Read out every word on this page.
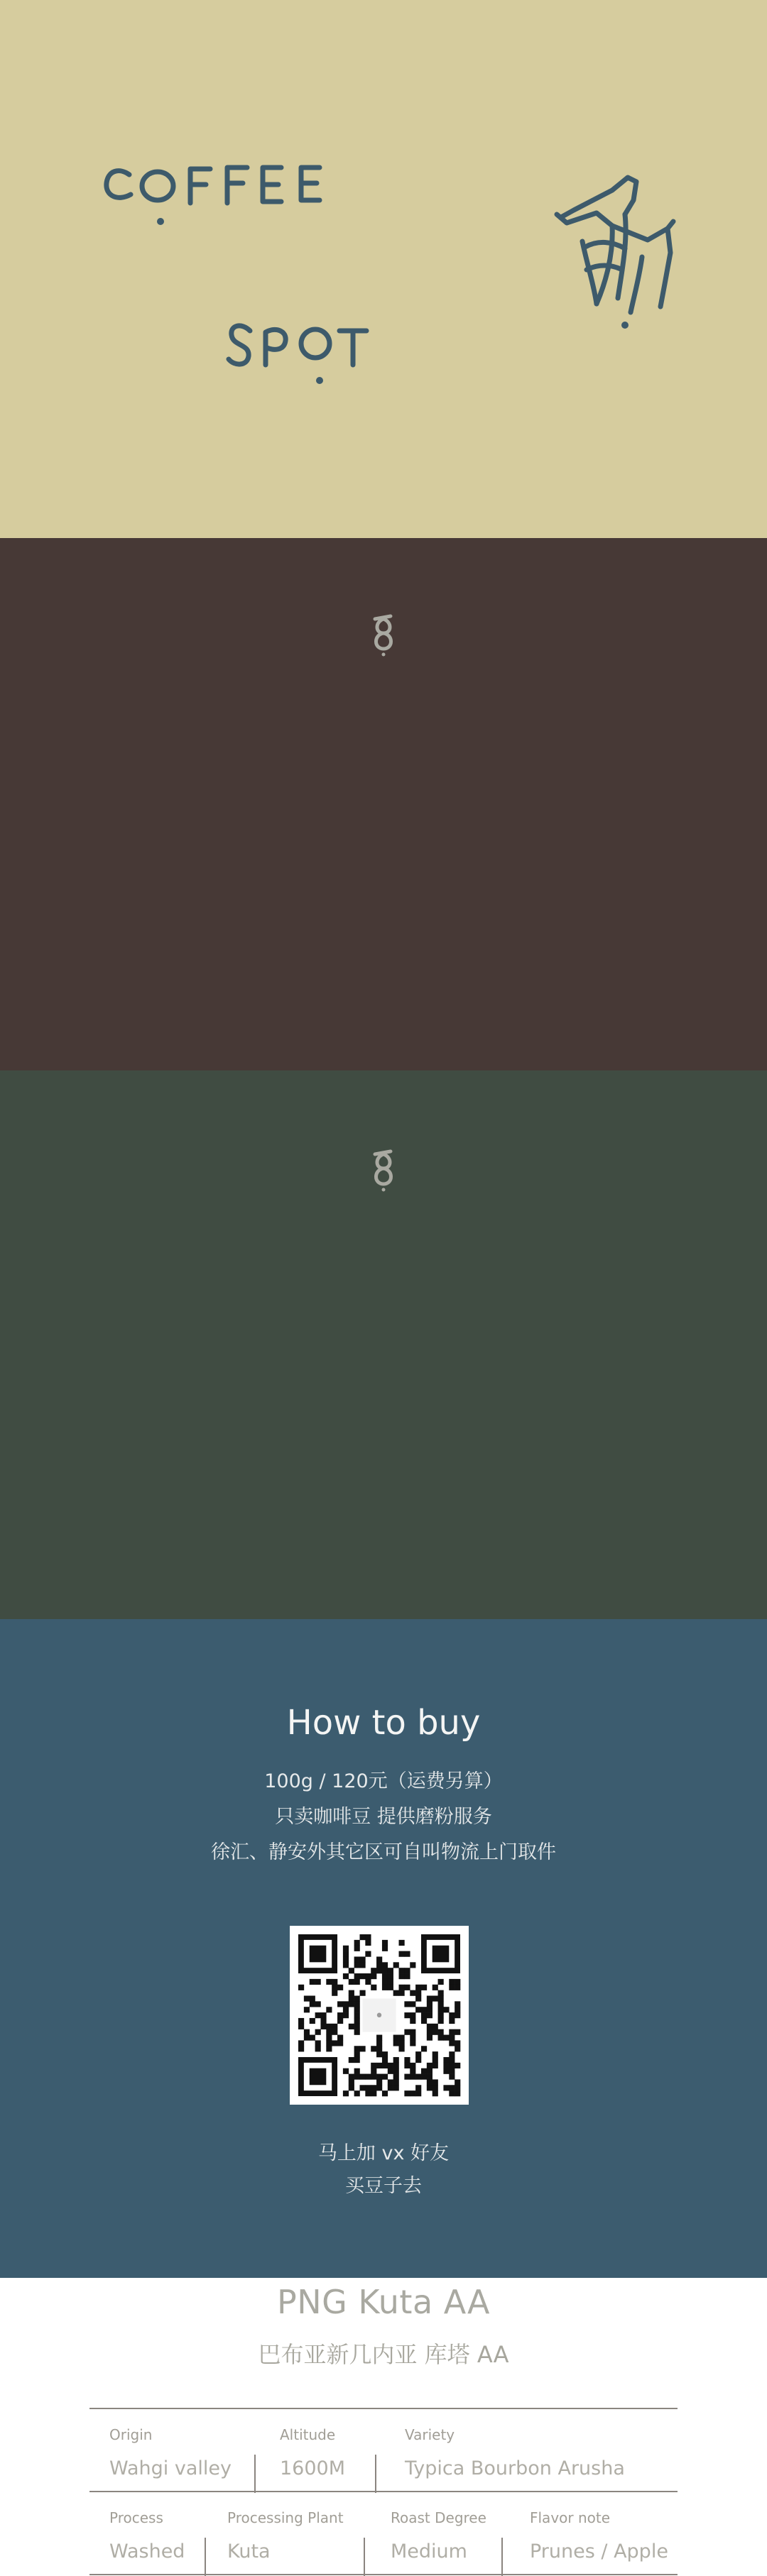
PNG Kuta AA

巴布亚新几内亚 库塔 AA

Origin
Wahgi valley
Altitude
1600M
Variety
Typica Bourbon Arusha
Process
Washed
Processing Plant
Kuta
Roast Degree
Medium
Flavor note
Prunes / Apple
How to buy

100g / 120元（运费另算）

只卖咖啡豆 提供磨粉服务

徐汇、静安外其它区可自叫物流上门取件

•

马上加 vx 好友

买豆子去
